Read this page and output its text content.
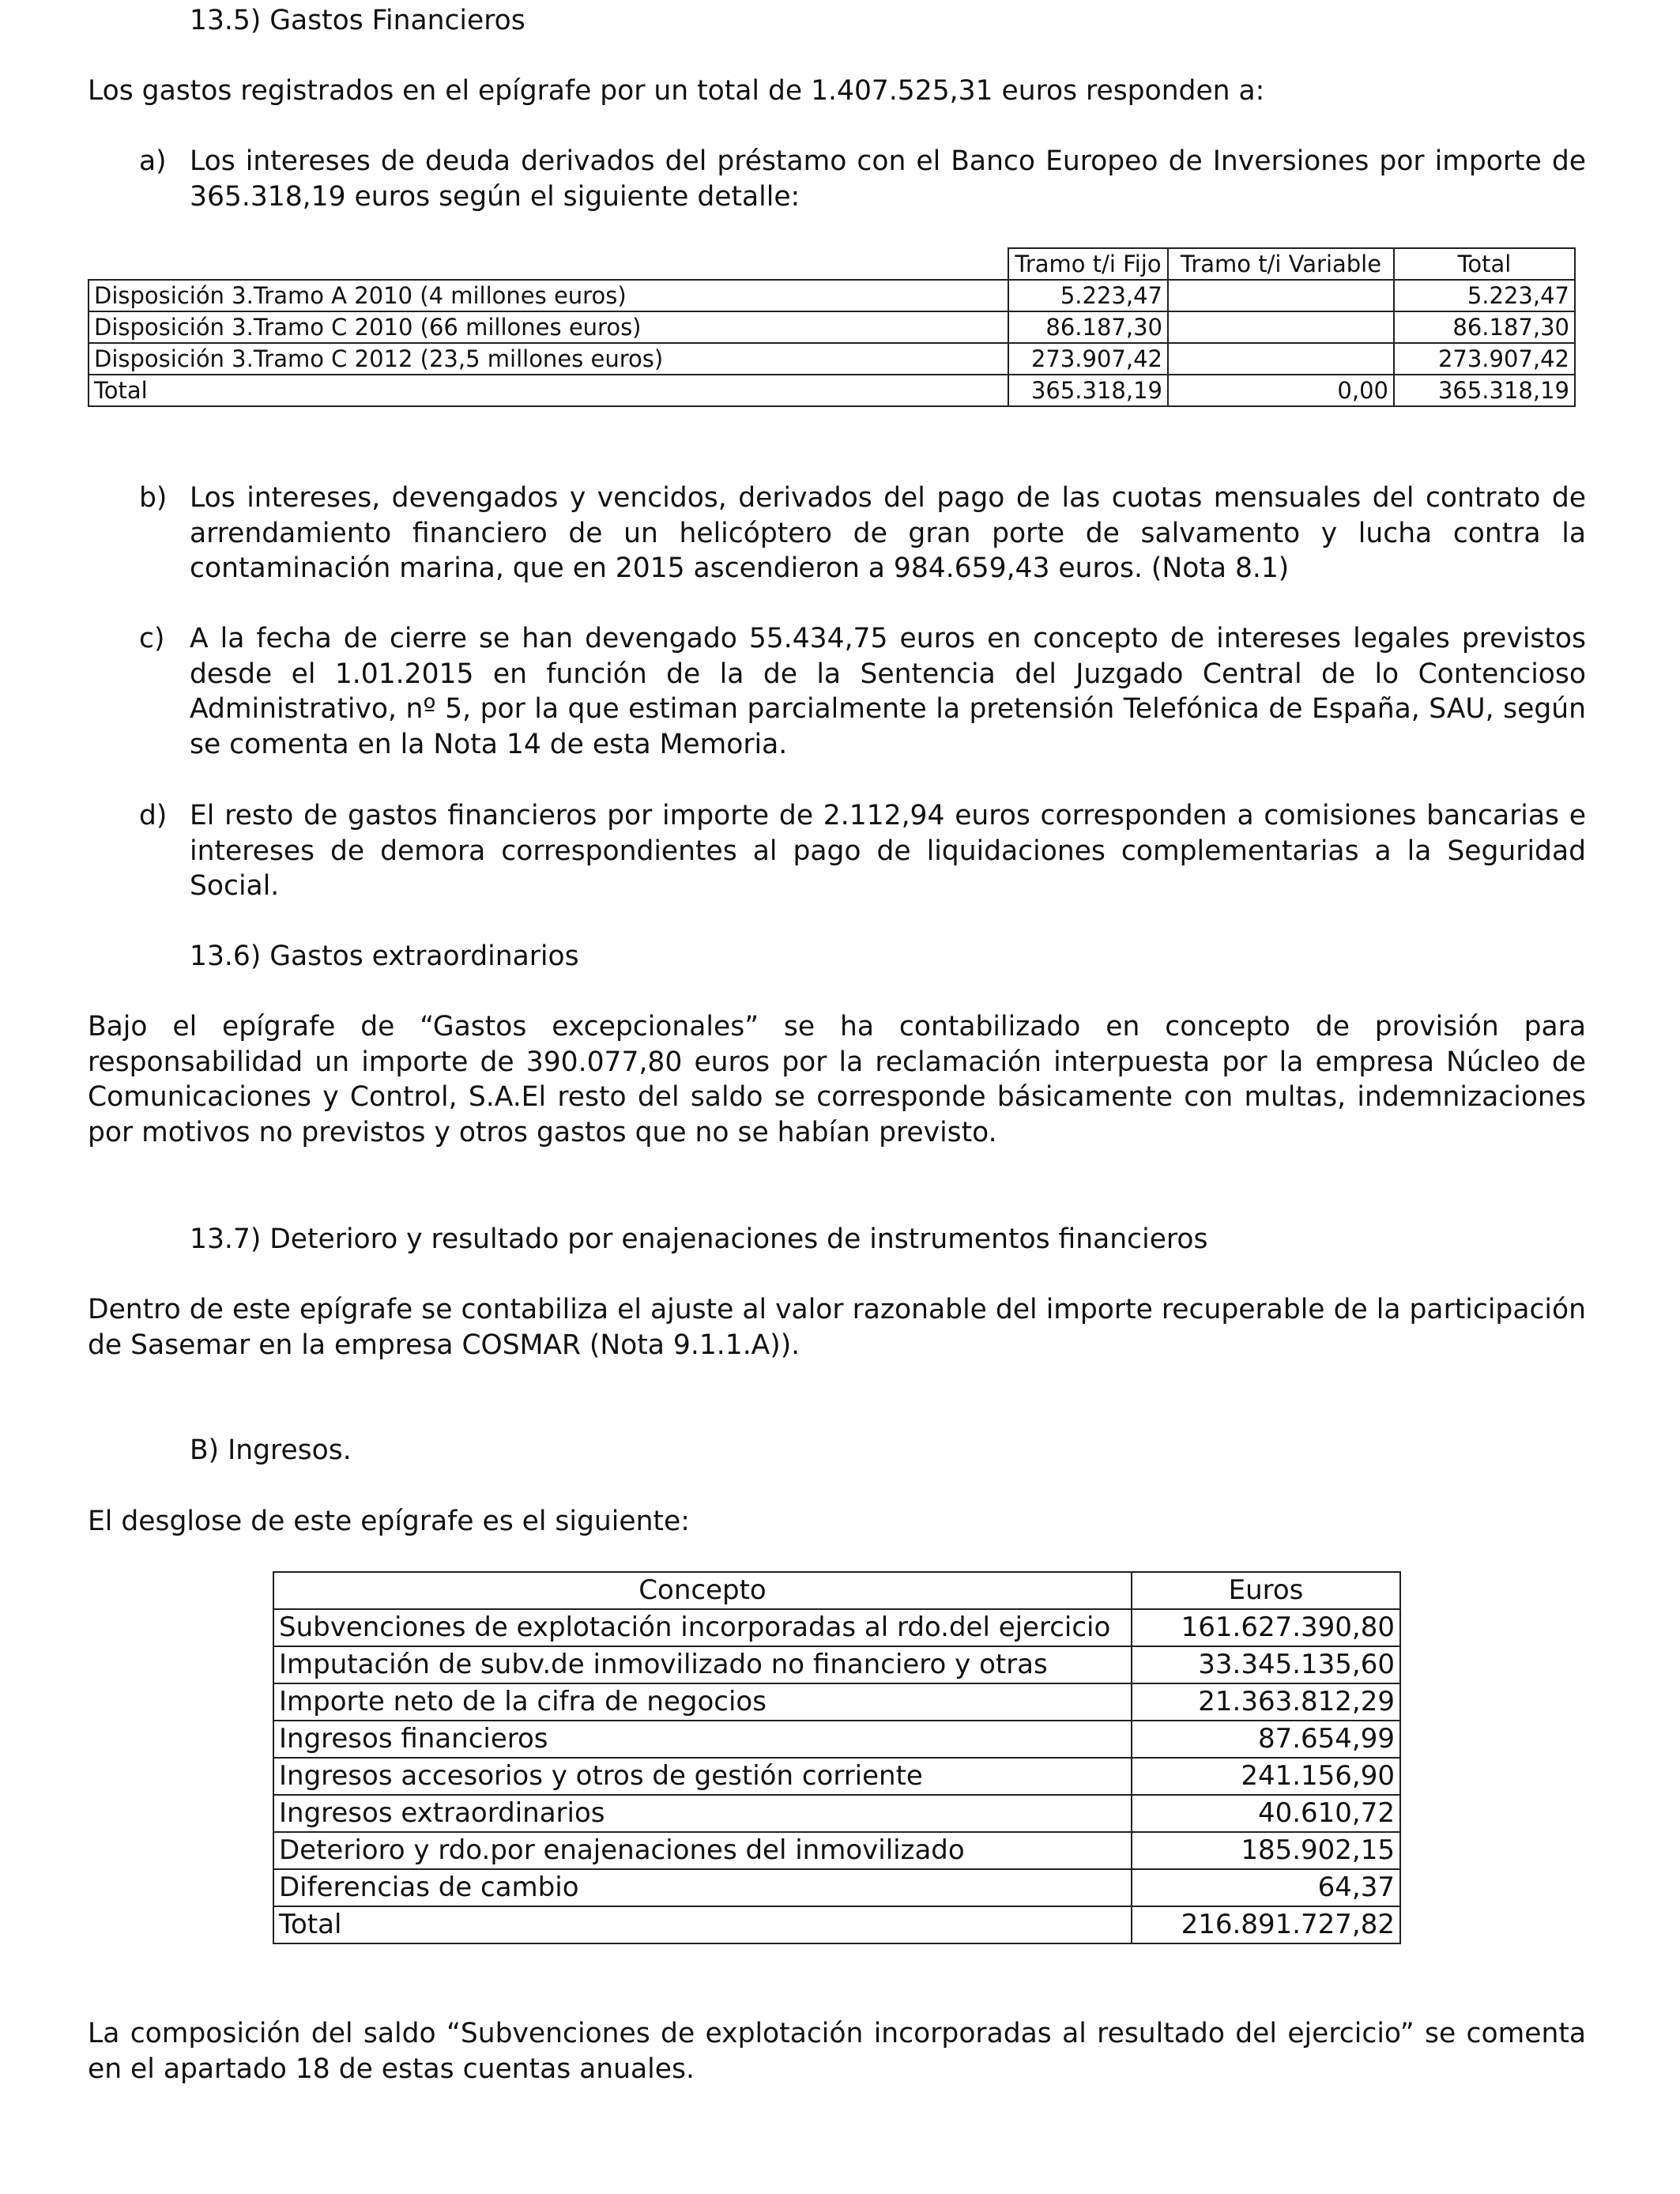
13.5) Gastos Financieros

Los gastos registrados en el epígrafe por un total de 1.407.525,31 euros responden a:

a) Los intereses de deuda derivados del préstamo con el Banco Europeo de Inversiones por importe de 365.318,19 euros según el siguiente detalle:
	Tramo t/i Fijo	Tramo t/i Variable	Total
Disposición 3.Tramo A 2010 (4 millones euros)	5.223,47		5.223,47
Disposición 3.Tramo C 2010 (66 millones euros)	86.187,30		86.187,30
Disposición 3.Tramo C 2012 (23,5 millones euros)	273.907,42		273.907,42
Total	365.318,19	0,00	365.318,19
b) Los intereses, devengados y vencidos, derivados del pago de las cuotas mensuales del contrato de arrendamiento financiero de un helicóptero de gran porte de salvamento y lucha contra la contaminación marina, que en 2015 ascendieron a 984.659,43 euros. (Nota 8.1)
c) A la fecha de cierre se han devengado 55.434,75 euros en concepto de intereses legales previstos desde el 1.01.2015 en función de la de la Sentencia del Juzgado Central de lo Contencioso Administrativo, nº 5, por la que estiman parcialmente la pretensión Telefónica de España, SAU, según se comenta en la Nota 14 de esta Memoria.
d) El resto de gastos financieros por importe de 2.112,94 euros corresponden a comisiones bancarias e intereses de demora correspondientes al pago de liquidaciones complementarias a la Seguridad Social.

13.6) Gastos extraordinarios

Bajo el epígrafe de “Gastos excepcionales” se ha contabilizado en concepto de provisión para responsabilidad un importe de 390.077,80 euros por la reclamación interpuesta por la empresa Núcleo de Comunicaciones y Control, S.A.El resto del saldo se corresponde básicamente con multas, indemnizaciones por motivos no previstos y otros gastos que no se habían previsto.

13.7) Deterioro y resultado por enajenaciones de instrumentos financieros

Dentro de este epígrafe se contabiliza el ajuste al valor razonable del importe recuperable de la participación de Sasemar en la empresa COSMAR (Nota 9.1.1.A)).

B) Ingresos.

El desglose de este epígrafe es el siguiente:

Concepto	Euros
Subvenciones de explotación incorporadas al rdo.del ejercicio	161.627.390,80
Imputación de subv.de inmovilizado no financiero y otras	33.345.135,60
Importe neto de la cifra de negocios	21.363.812,29
Ingresos financieros	87.654,99
Ingresos accesorios y otros de gestión corriente	241.156,90
Ingresos extraordinarios	40.610,72
Deterioro y rdo.por enajenaciones del inmovilizado	185.902,15
Diferencias de cambio	64,37
Total	216.891.727,82

La composición del saldo “Subvenciones de explotación incorporadas al resultado del ejercicio” se comenta en el apartado 18 de estas cuentas anuales.
